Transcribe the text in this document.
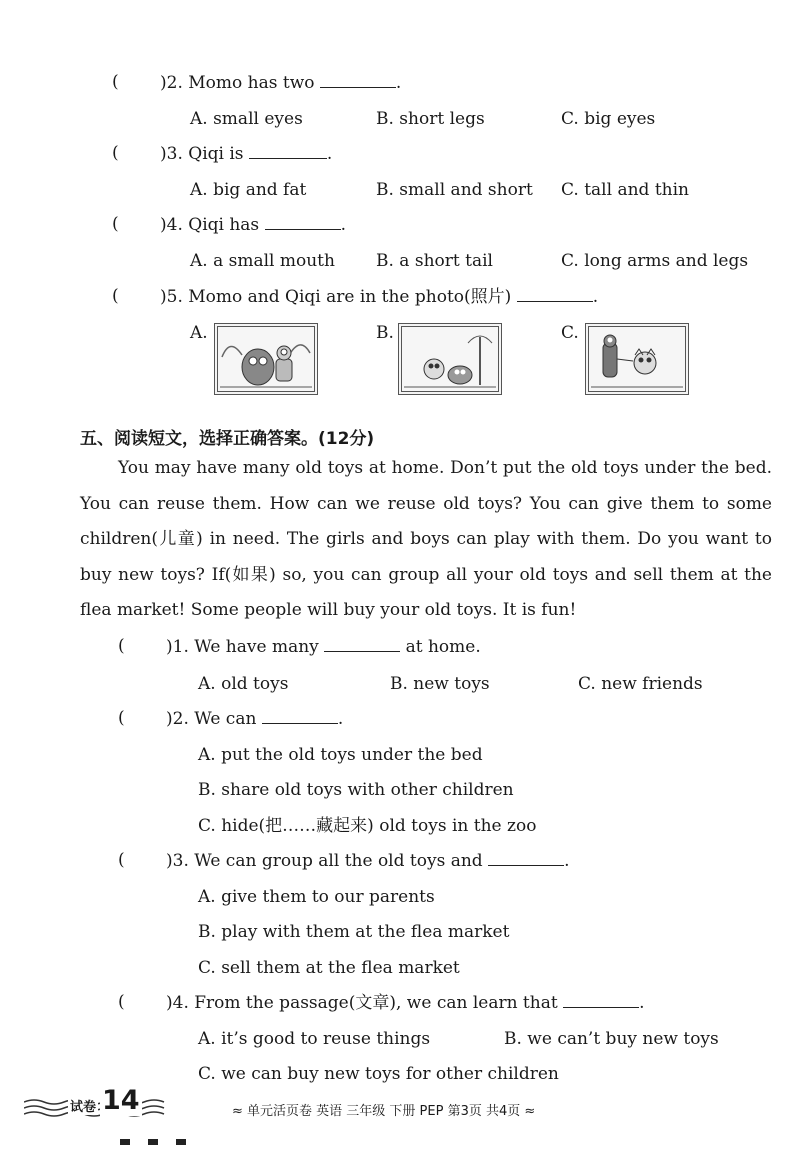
( )2. Momo has two	.
A. small eyes	B. short legs	C. big eyes
( )3. Qiqi is	.
A. big and fat	B. small and short C. tall and thin
( )4. Qiqi has	.
A. a small mouth B. a short tail	C. long arms and legs
( )5. Momo and Qiqi are in the photo(照片)	.
A.	B.	C.
五、阅读短文，选择正确答案。(12分)
You may have many old toys at home. Don’t put the old toys under the bed. You can reuse them. How can we reuse old toys? You can give them to some children(儿童) in need. The girls and boys can play with them. Do you want to buy new toys? If(如果) so, you can group all your old toys and sell them at the flea market! Some people will buy your old toys. It is fun!
( )1. We have many	at home.
A. old toys	B. new toys	C. new friends
( )2. We can	.
A. put the old toys under the bed
B. share old toys with other children
C. hide(把……藏起来) old toys in the zoo
( )3. We can group all the old toys and	.
A. give them to our parents
B. play with them at the flea market
C. sell them at the flea market
( )4. From the passage(文章), we can learn that	.
A. it’s good to reuse things	B. we can’t buy new toys
C. we can buy new toys for other children
试卷 14	≈ 单元活页卷 英语 三年级 下册 PEP 第3页 共4页 ≈
